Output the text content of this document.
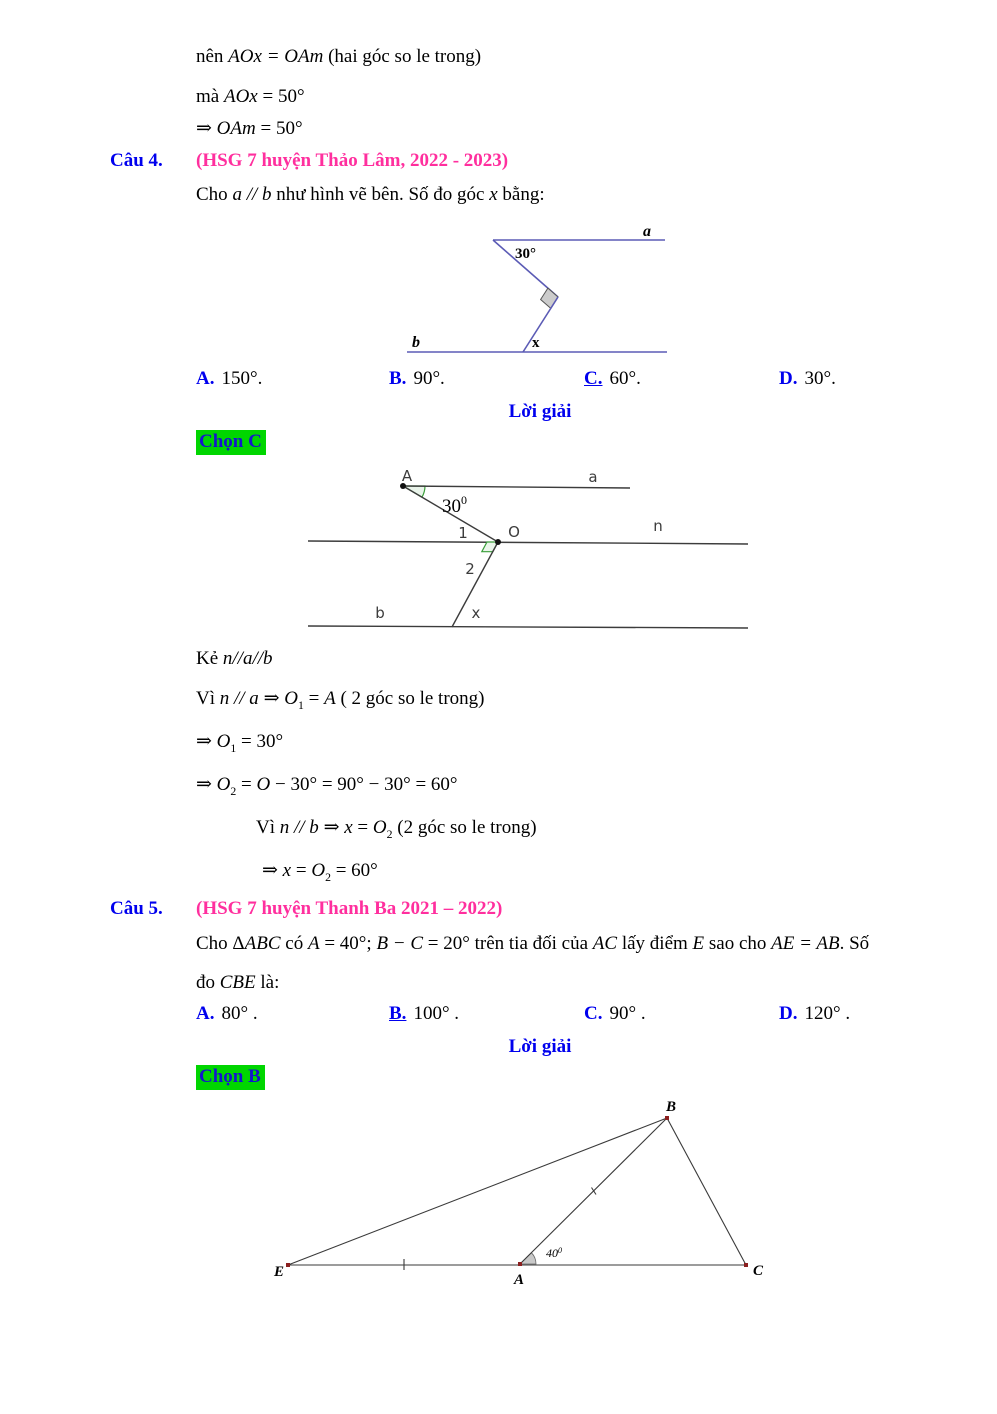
nên AOx = OAm (hai góc so le trong)
mà AOx = 50°
⇒ OAm = 50°
Câu 4. (HSG 7 huyện Thảo Lâm, 2022 - 2023)
Cho a // b như hình vẽ bên. Số đo góc x bằng:
a
30°
b	x
A. 150°.	B. 90°.	C. 60°.	D. 30°.
Lời giải
Chọn C
A	a
$30^0$
1	O	n
2
b	x
Kẻ n//a//b
Vì n // a ⇒ $O_1 = A$ ( 2 góc so le trong)
⇒ $O_1 = 30^\circ$
⇒ $O_2 = O - 30^\circ = 90^\circ - 30^\circ = 60^\circ$
Vì n // b ⇒ $x = O_2$ (2 góc so le trong)
⇒ $x = O_2 = 60^\circ$
Câu 5. (HSG 7 huyện Thanh Ba 2021 – 2022)
Cho ΔABC có A = 40°; B − C = 20° trên tia đối của AC lấy điểm E sao cho AE = AB. Số
đo CBE là:
A. 80° .	B. 100° .	C. 90° .	D. 120° .
Lời giải
Chọn B
E	A
B
C
$40^0$
